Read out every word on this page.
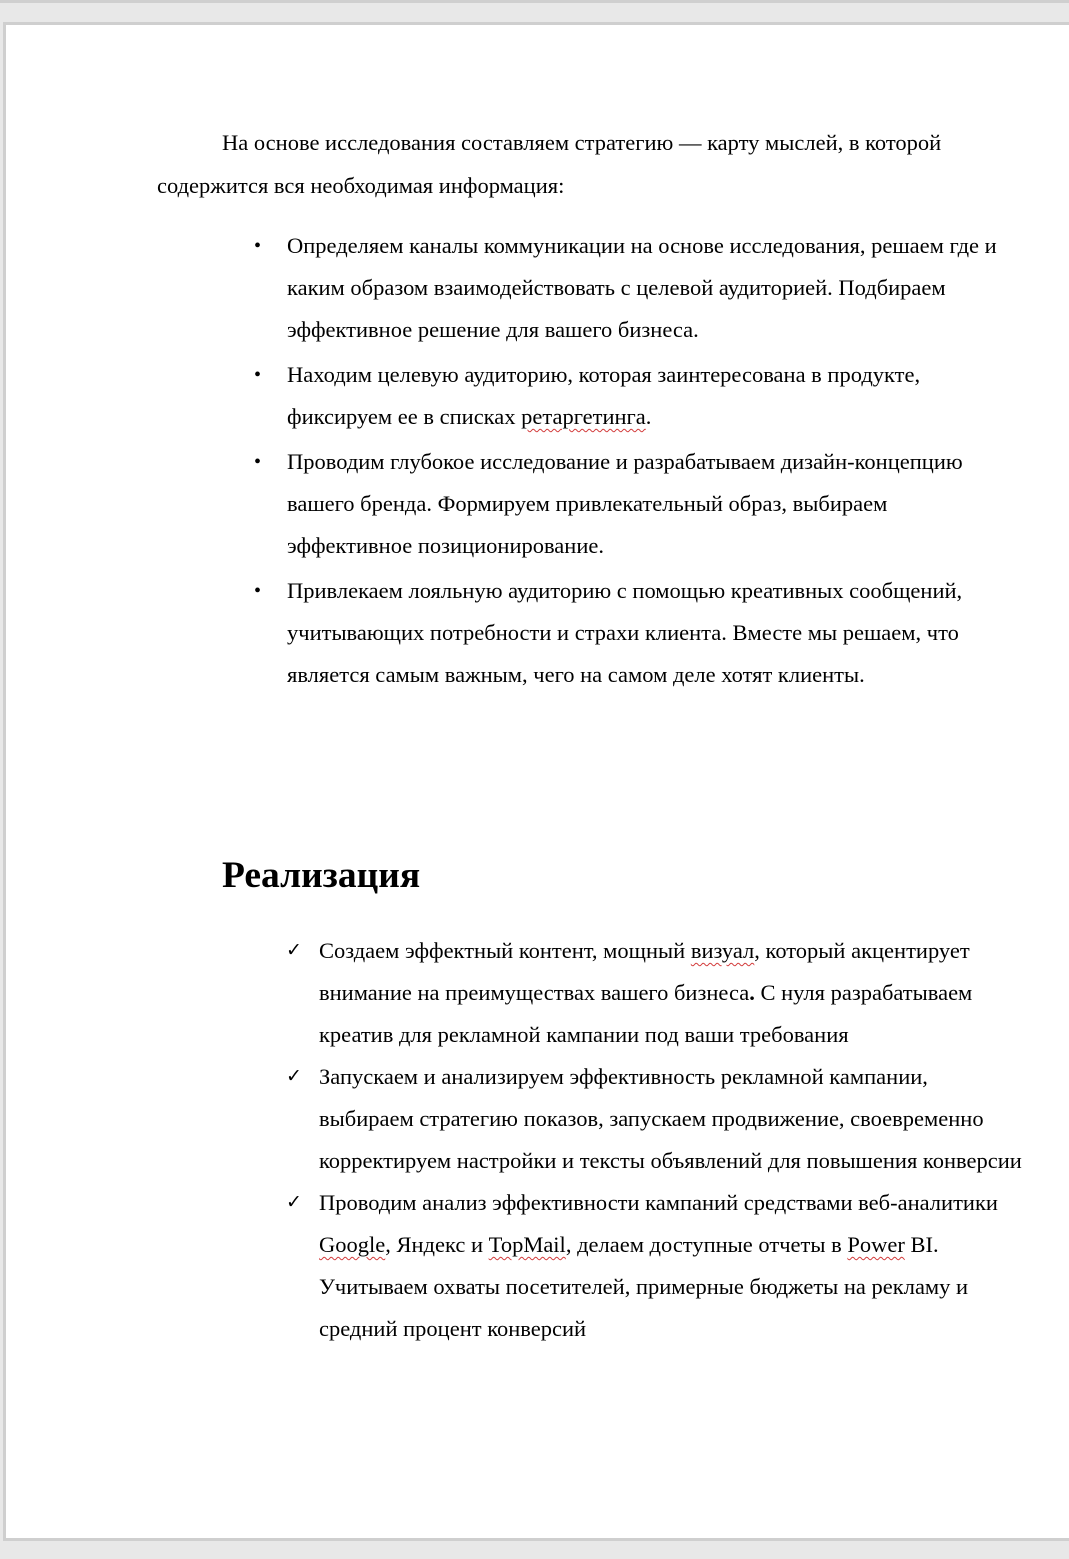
На основе исследования составляем стратегию — карту мыслей, в которой содержится вся необходимая информация:

•	Определяем каналы коммуникации на основе исследования, решаем где и каким образом взаимодействовать с целевой аудиторией. Подбираем эффективное решение для вашего бизнеса.
•	Находим целевую аудиторию, которая заинтересована в продукте, фиксируем ее в списках ретаргетинга.
•	Проводим глубокое исследование и разрабатываем дизайн-концепцию вашего бренда. Формируем привлекательный образ, выбираем эффективное позиционирование.
•	Привлекаем лояльную аудиторию с помощью креативных сообщений, учитывающих потребности и страхи клиента. Вместе мы решаем, что является самым важным, чего на самом деле хотят клиенты.
Реализация
✓ Создаем эффектный контент, мощный визуал, который акцентирует внимание на преимуществах вашего бизнеса. С нуля разрабатываем креатив для рекламной кампании под ваши требования
✓ Запускаем и анализируем эффективность рекламной кампании, выбираем стратегию показов, запускаем продвижение, своевременно корректируем настройки и тексты объявлений для повышения конверсии
✓ Проводим анализ эффективности кампаний средствами веб-аналитики Google, Яндекс и TopMail, делаем доступные отчеты в Power BI. Учитываем охваты посетителей, примерные бюджеты на рекламу и средний процент конверсий
